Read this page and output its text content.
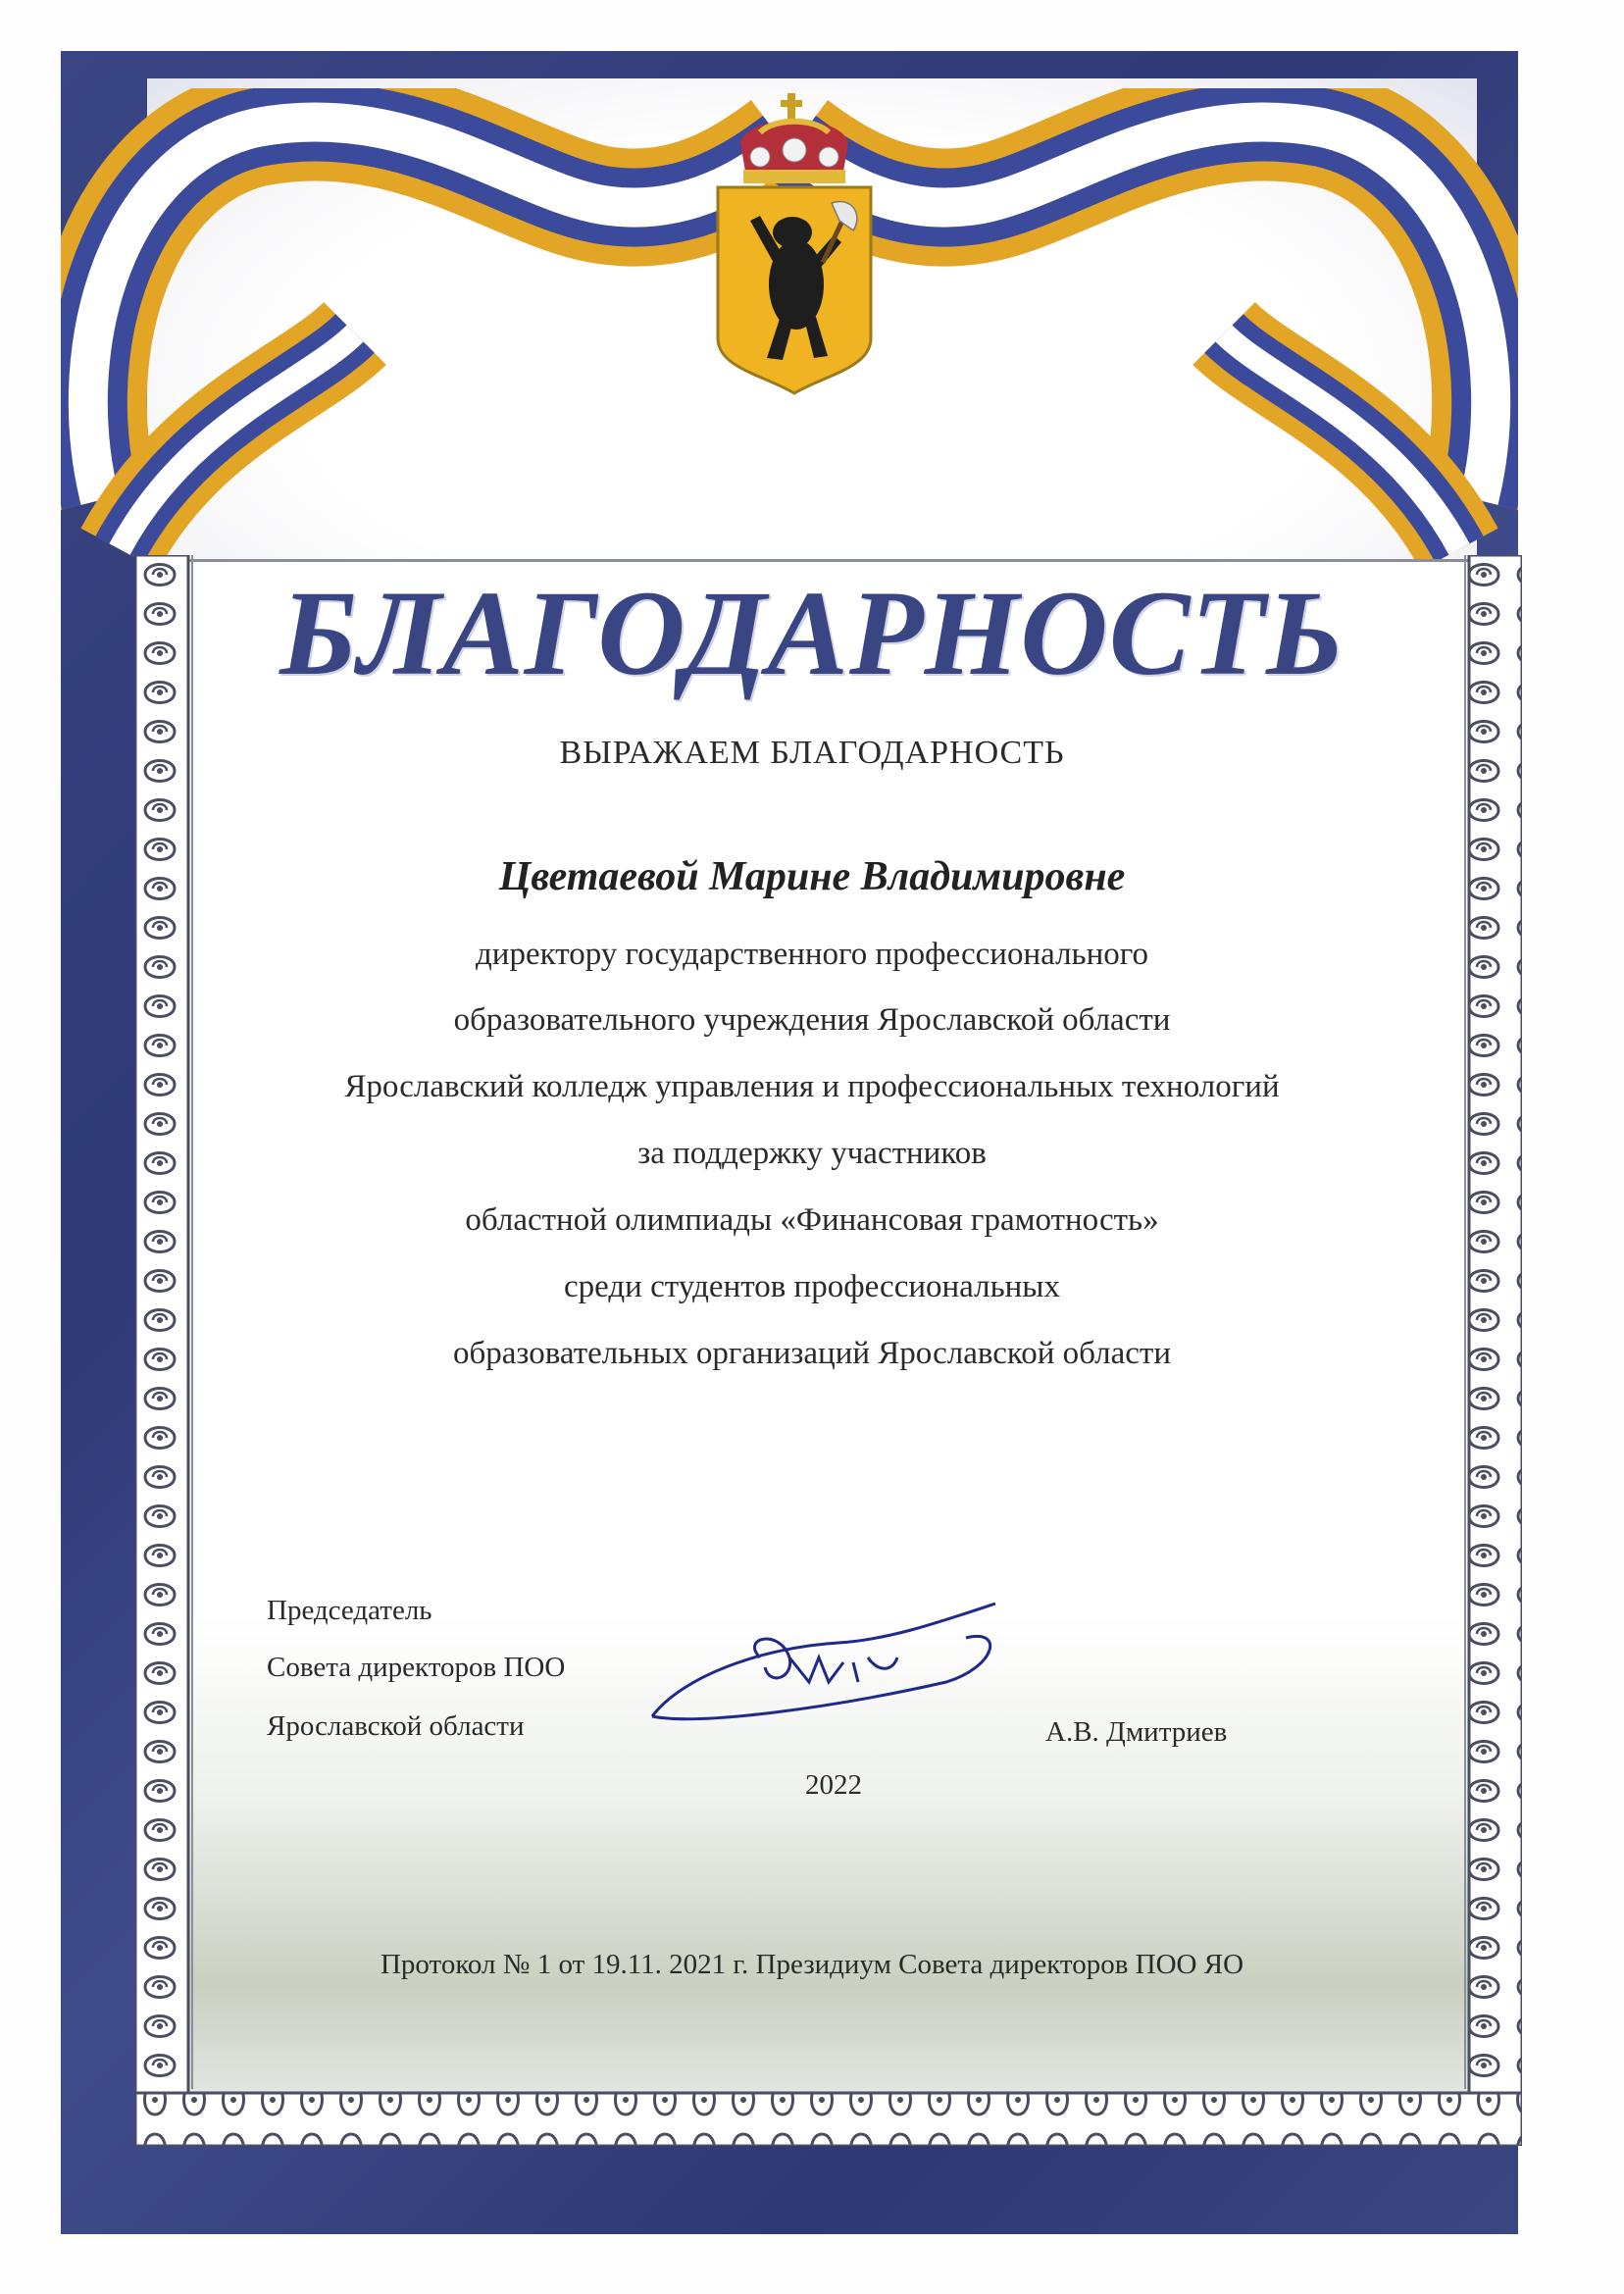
БЛАГОДАРНОСТЬ
ВЫРАЖАЕМ БЛАГОДАРНОСТЬ
Цветаевой Марине Владимировне
директору государственного профессионального
образовательного учреждения Ярославской области
Ярославский колледж управления и профессиональных технологий
за поддержку участников
областной олимпиады «Финансовая грамотность»
среди студентов профессиональных
образовательных организаций Ярославской области
Председатель
Совета директоров ПОО
Ярославской области	А.В. Дмитриев
2022
Протокол № 1 от 19.11. 2021 г. Президиум Совета директоров ПОО ЯО
